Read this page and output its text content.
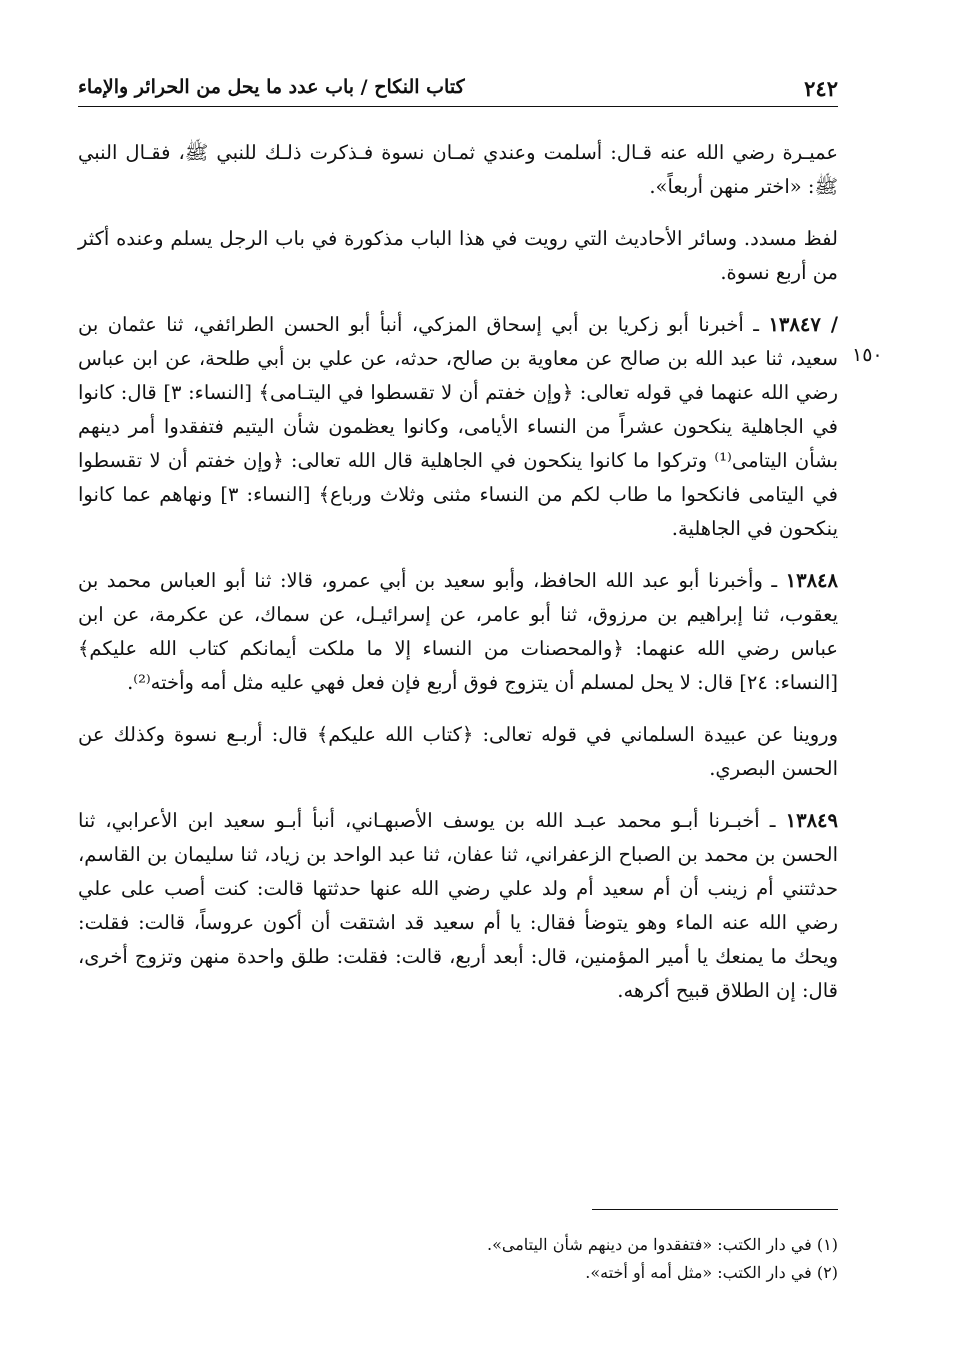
٢٤٢
كتاب النكاح / باب عدد ما يحل من الحرائر والإماء
١٥٠

عميـرة رضي الله عنه قـال: أسلمت وعندي ثمـان نسوة فـذكرت ذلـك للنبي ﷺ، فقـال النبي ﷺ: «اختر منهن أربعاً».

لفظ مسدد. وسائر الأحاديث التي رويت في هذا الباب مذكورة في باب الرجل يسلم وعنده أكثر من أربع نسوة.

/ ١٣٨٤٧ ـ أخبرنا أبو زكريا بن أبي إسحاق المزكي، أنبأ أبو الحسن الطرائفي، ثنا عثمان بن سعيد، ثنا عبد الله بن صالح عن معاوية بن صالح، حدثه، عن علي بن أبي طلحة، عن ابن عباس رضي الله عنهما في قوله تعالى: ﴿وإن خفتم أن لا تقسطوا في اليتـامى﴾ [النساء: ٣] قال: كانوا في الجاهلية ينكحون عشراً من النساء الأيامى، وكانوا يعظمون شأن اليتيم فتفقدوا أمر دينهم بشأن اليتامى⁽¹⁾ وتركوا ما كانوا ينكحون في الجاهلية قال الله تعالى: ﴿وإن خفتم أن لا تقسطوا في اليتامى فانكحوا ما طاب لكم من النساء مثنى وثلاث ورباع﴾ [النساء: ٣] ونهاهم عما كانوا ينكحون في الجاهلية.

١٣٨٤٨ ـ وأخبرنا أبو عبد الله الحافظ، وأبو سعيد بن أبي عمرو، قالا: ثنا أبو العباس محمد بن يعقوب، ثنا إبراهيم بن مرزوق، ثنا أبو عامر، عن إسرائيـل، عن سماك، عن عكرمة، عن ابن عباس رضي الله عنهما: ﴿والمحصنات من النساء إلا ما ملكت أيمانكم كتاب الله عليكم﴾ [النساء: ٢٤] قال: لا يحل لمسلم أن يتزوج فوق أربع فإن فعل فهي عليه مثل أمه وأخته⁽²⁾.

وروينا عن عبيدة السلماني في قوله تعالى: ﴿كتاب الله عليكم﴾ قال: أربـع نسوة وكذلك عن الحسن البصري.

١٣٨٤٩ ـ أخبـرنا أبـو محمد عبـد الله بن يوسف الأصبهـاني، أنبأ أبـو سعيد ابن الأعرابي، ثنا الحسن بن محمد بن الصباح الزعفراني، ثنا عفان، ثنا عبد الواحد بن زياد، ثنا سليمان بن القاسم، حدثتني أم زينب أن أم سعيد أم ولد علي رضي الله عنها حدثتها قالت: كنت أصب على علي رضي الله عنه الماء وهو يتوضأ فقال: يا أم سعيد قد اشتقت أن أكون عروساً، قالت: فقلت: ويحك ما يمنعك يا أمير المؤمنين، قال: أبعد أربع، قالت: فقلت: طلق واحدة منهن وتزوج أخرى، قال: إن الطلاق قبيح أكرهه.

(١) في دار الكتب: «فتفقدوا من دينهم شأن اليتامى».
(٢) في دار الكتب: «مثل أمه أو أخته».
